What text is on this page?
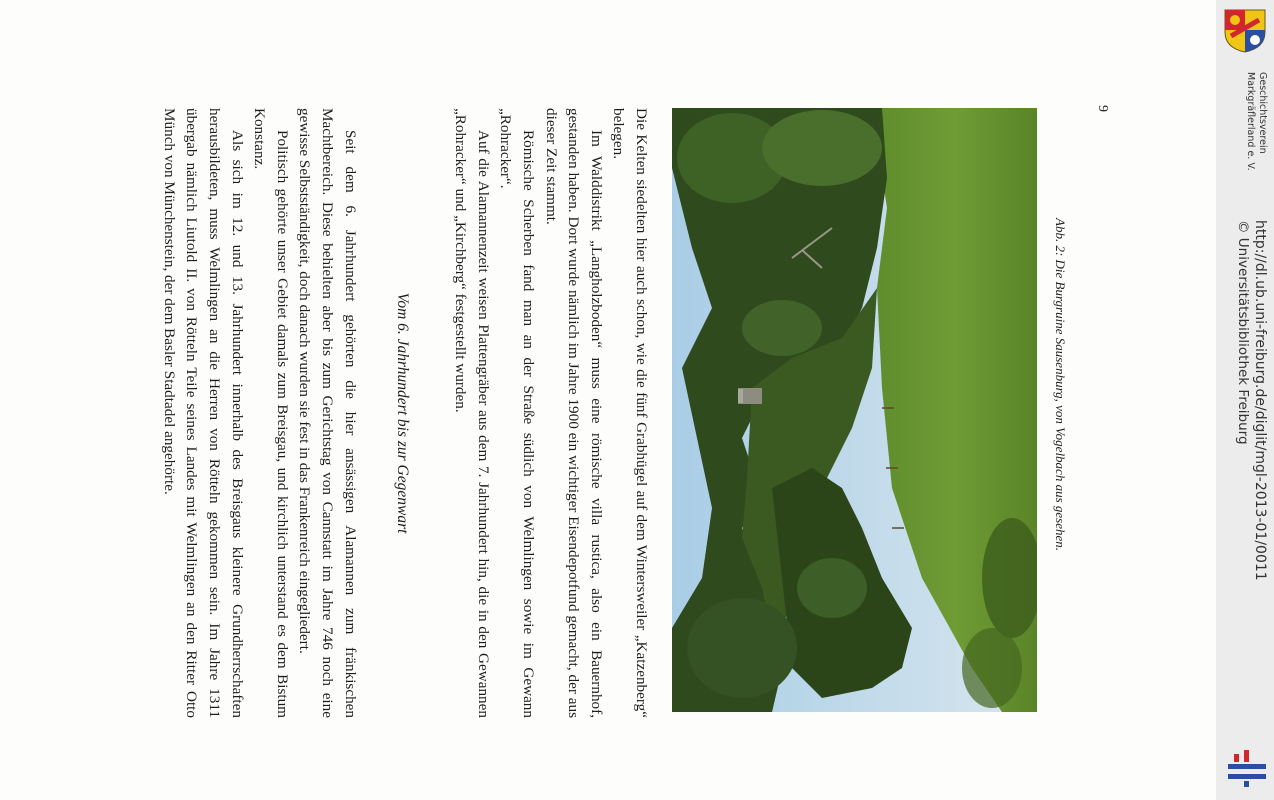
Die Kelten siedelten hier auch schon, wie die fünf Grabhügel auf dem Wintersweiler „Katzenberg“ belegen.

Im Walddistrikt „Langholzboden“ muss eine römische villa rustica, also ein Bauernhof, gestanden haben. Dort wurde nämlich im Jahre 1900 ein wichtiger Eisendepotfund gemacht, der aus dieser Zeit stammt.

Römische Scherben fand man an der Straße südlich von Welmlingen sowie im Gewann „Rohracker“.

Auf die Alamannenzeit weisen Plattengräber aus dem 7. Jahrhundert hin, die in den Gewannen „Rohracker“ und „Kirchberg“ festgestellt wurden.

Vom 6. Jahrhundert bis zur Gegenwart

Seit dem 6. Jahrhundert gehörten die hier ansässigen Alamannen zum fränkischen Machtbereich. Diese behielten aber bis zum Gerichtstag von Cannstatt im Jahre 746 noch eine gewisse Selbstständigkeit, doch danach wurden sie fest in das Frankenreich eingegliedert.

Politisch gehörte unser Gebiet damals zum Breisgau, und kirchlich unterstand es dem Bistum Konstanz.

Als sich im 12. und 13. Jahrhundert innerhalb des Breisgaus kleinere Grundherrschaften herausbildeten, muss Welmlingen an die Herren von Rötteln gekommen sein. Im Jahre 1311 übergab nämlich Liutold II. von Rötteln Teile seines Landes mit Welmlingen an den Ritter Otto Münch von Münchenstein, der dem Basler Stadtadel angehörte.	Abb. 2: Die Burgruine Sausenburg, von Vogelbach aus gesehen.
9	Geschichtsverein
Markgräflerland e. V.
http://dl.ub.uni-freiburg.de/diglit/mgl-2013-01/0011
© Universitätsbibliothek Freiburg
